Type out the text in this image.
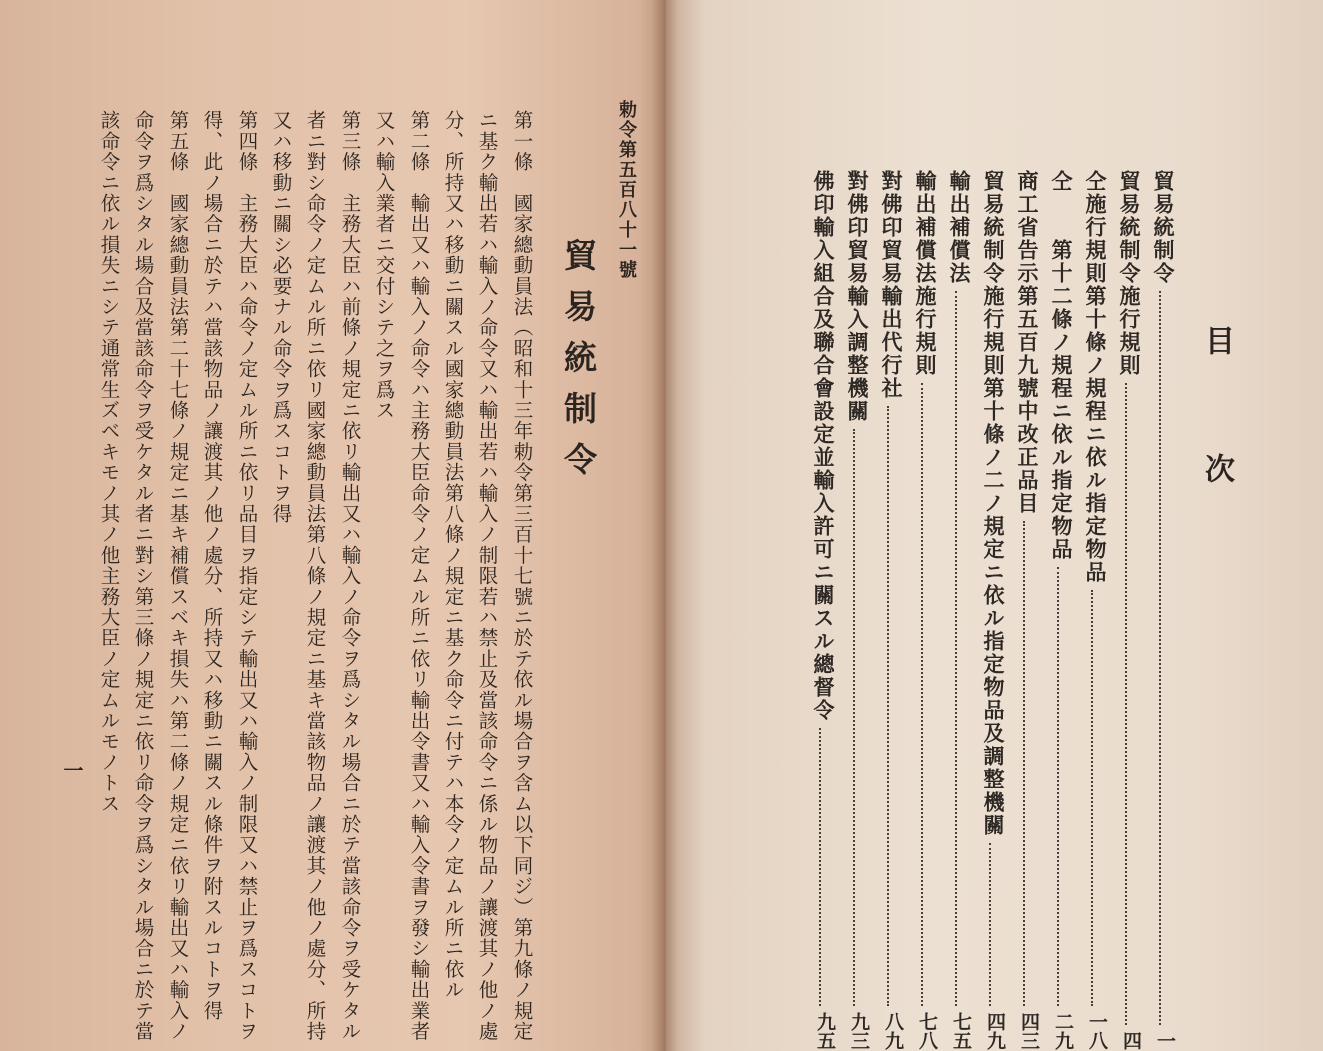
勅令第五百八十一號
貿易統制令
第一條　國家總動員法（昭和十三年勅令第三百十七號ニ於テ依ル場合ヲ含ム以下同ジ）第九條ノ規定
ニ基ク輸出若ハ輸入ノ命令又ハ輸出若ハ輸入ノ制限若ハ禁止及當該命令ニ係ル物品ノ讓渡其ノ他ノ處
分、所持又ハ移動ニ關スル國家總動員法第八條ノ規定ニ基ク命令ニ付テハ本令ノ定ムル所ニ依ル
第二條　輸出又ハ輸入ノ命令ハ主務大臣命令ノ定ムル所ニ依リ輸出令書又ハ輸入令書ヲ發シ輸出業者
又ハ輸入業者ニ交付シテ之ヲ爲ス
第三條　主務大臣ハ前條ノ規定ニ依リ輸出又ハ輸入ノ命令ヲ爲シタル場合ニ於テ當該命令ヲ受ケタル
者ニ對シ命令ノ定ムル所ニ依リ國家總動員法第八條ノ規定ニ基キ當該物品ノ讓渡其ノ他ノ處分、所持
又ハ移動ニ關シ必要ナル命令ヲ爲スコトヲ得
第四條　主務大臣ハ命令ノ定ムル所ニ依リ品目ヲ指定シテ輸出又ハ輸入ノ制限又ハ禁止ヲ爲スコトヲ
得、此ノ場合ニ於テハ當該物品ノ讓渡其ノ他ノ處分、所持又ハ移動ニ關スル條件ヲ附スルコトヲ得
第五條　國家總動員法第二十七條ノ規定ニ基キ補償スベキ損失ハ第二條ノ規定ニ依リ輸出又ハ輸入ノ
命令ヲ爲シタル場合及當該命令ヲ受ケタル者ニ對シ第三條ノ規定ニ依リ命令ヲ爲シタル場合ニ於テ當
該命令ニ依ル損失ニシテ通常生ズベキモノ其ノ他主務大臣ノ定ムルモノトス
一
目　次
貿易統制令
一
貿易統制令施行規則
四
仝施行規則第十條ノ規程ニ依ル指定物品
一八
仝　　第十二條ノ規程ニ依ル指定物品
二九
商工省告示第五百九號中改正品目
四三
貿易統制令施行規則第十條ノ二ノ規定ニ依ル指定物品及調整機關
四九
輸出補償法
七五
輸出補償法施行規則
七八
對佛印貿易輸出代行社
八九
對佛印貿易輸入調整機關
九三
佛印輸入組合及聯合會設定並輸入許可ニ關スル總督令
九五
